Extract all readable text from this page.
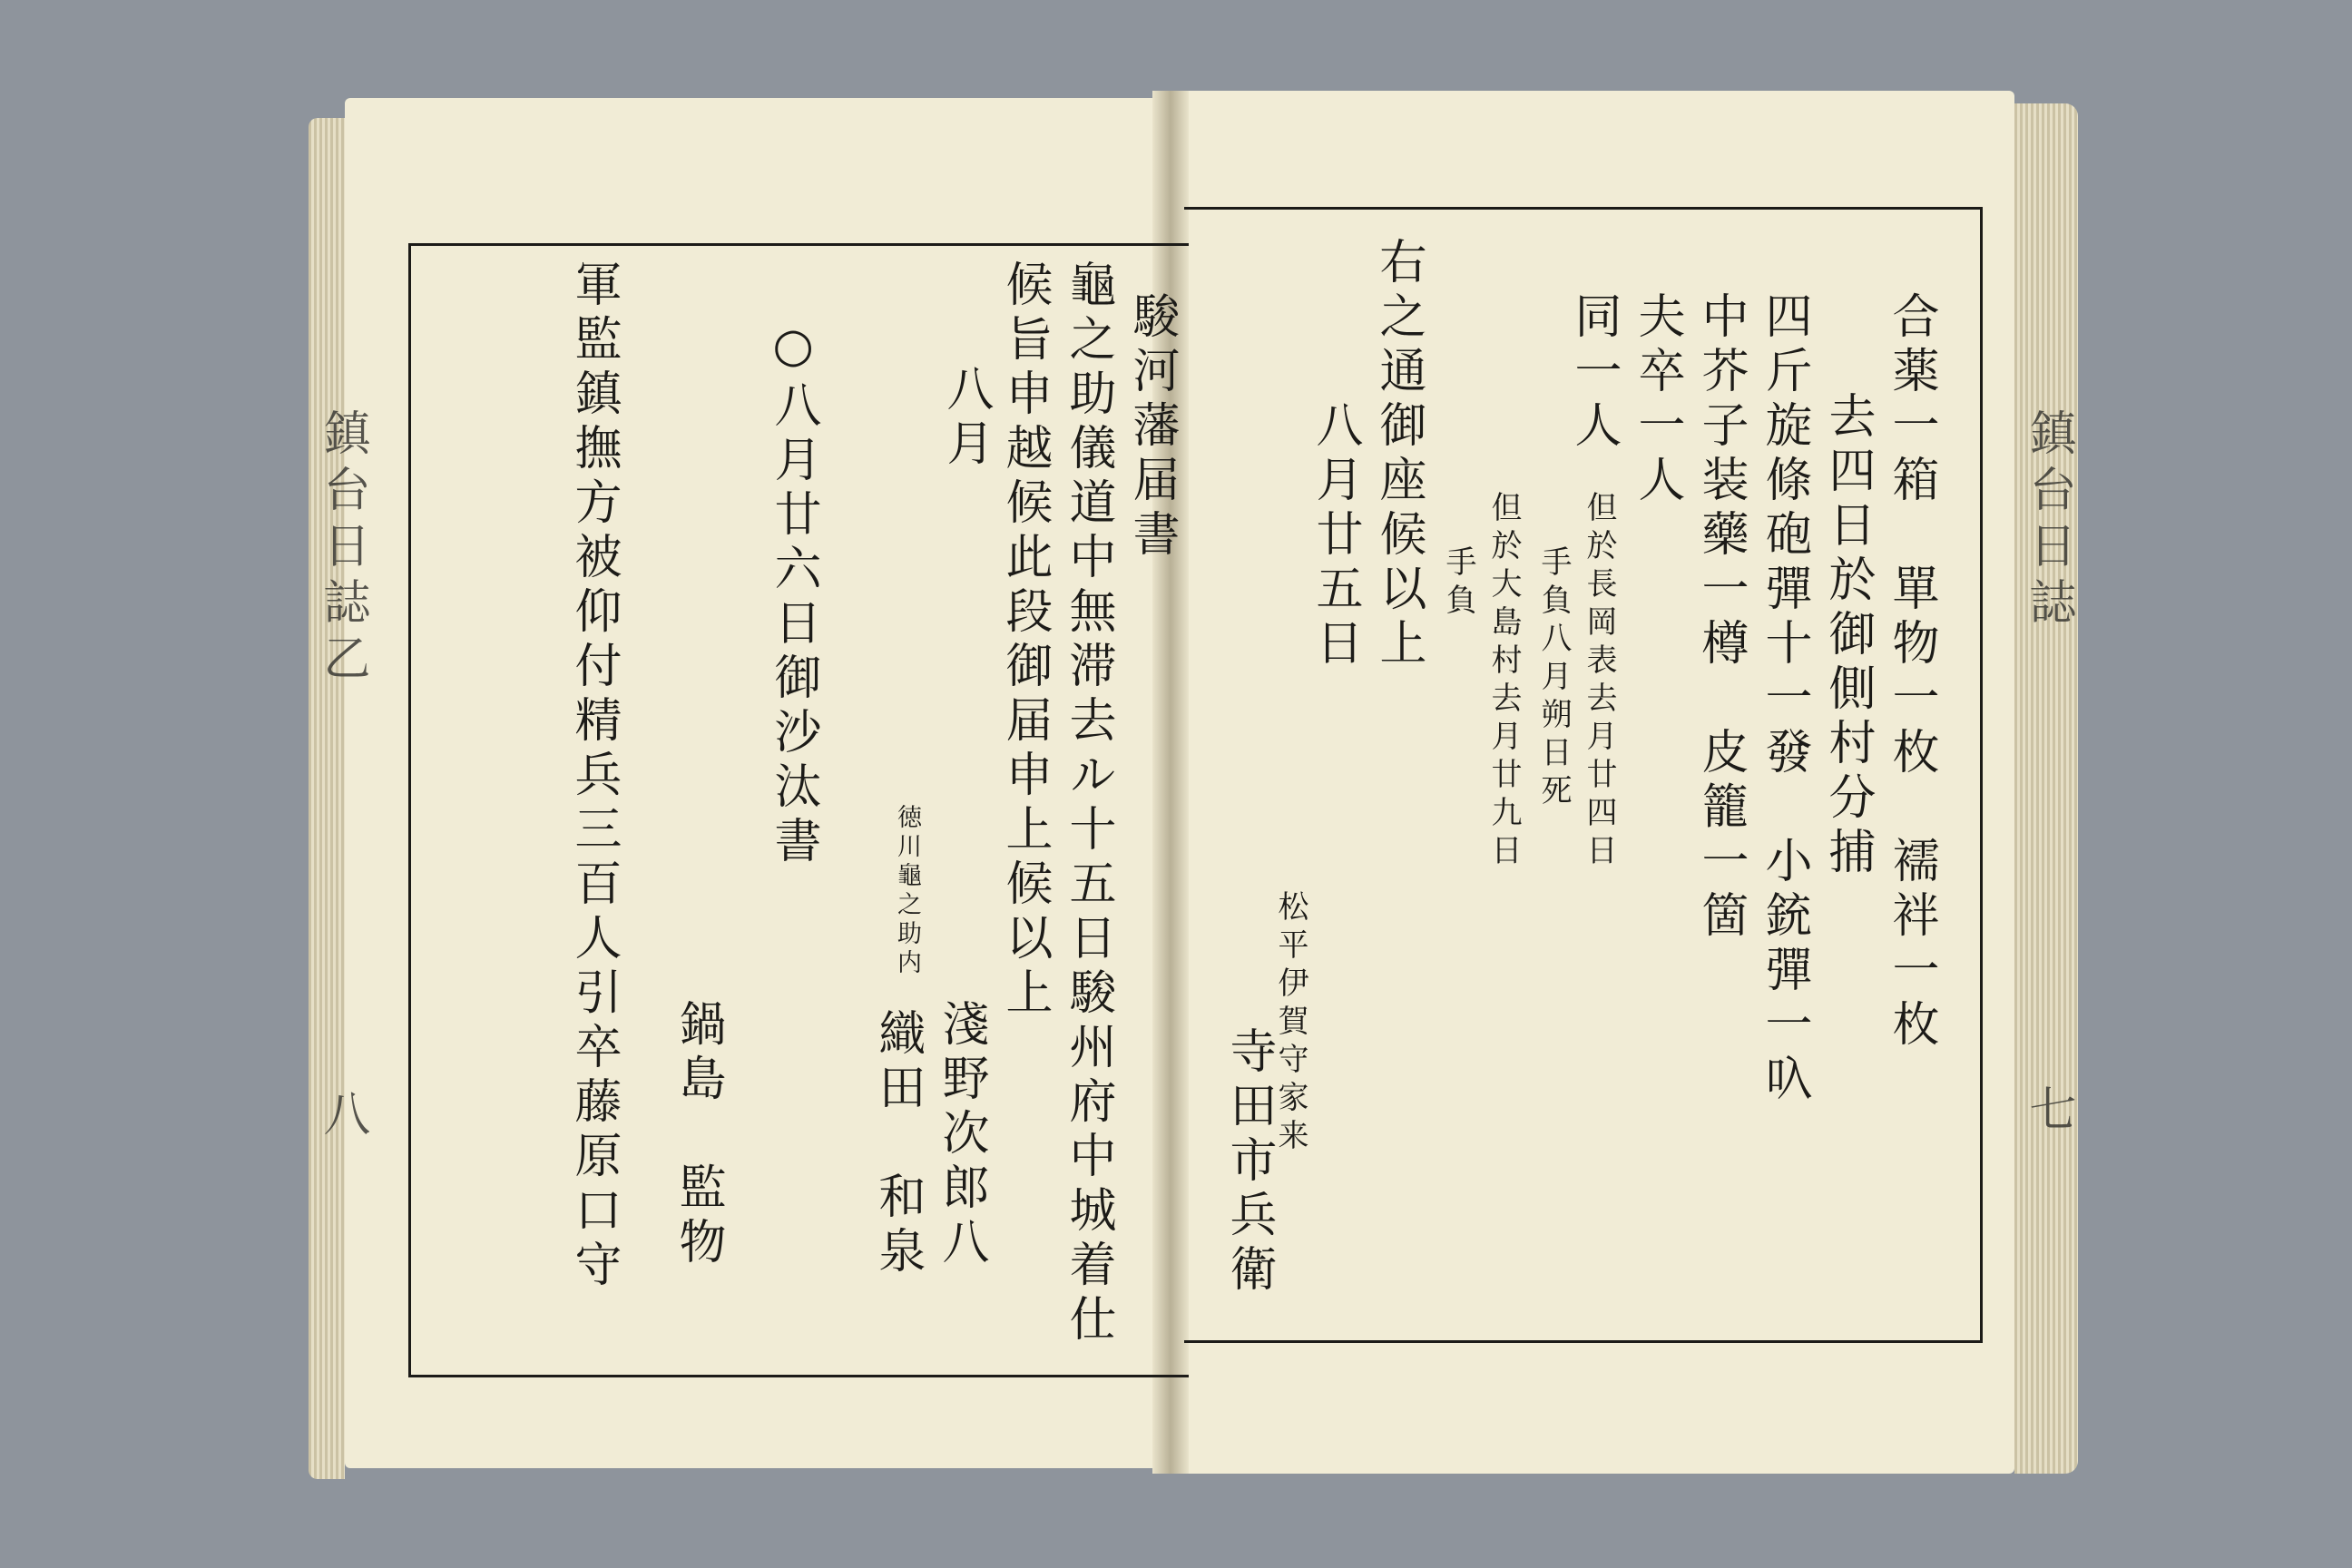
鎮台日誌乙
八
鎮台日誌
七
駿河藩届書
龜之助儀道中無滞去ル十五日駿州府中城着仕
候旨申越候此段御届申上候以上
八月
徳川龜之助内
淺野次郎八
織田　和泉
○八月廿六日御沙汰書
鍋島　監物
軍監鎮撫方被仰付精兵三百人引卒藤原口守	合薬一箱　單物一枚　襦袢一枚
去四日於御側村分捕
四斤旋條砲彈十一發　小銃彈一叺
中芥子装藥一樽　皮籠一箇
夫卒一人
但於長岡表去月廿四日
手負八月朔日死
同一人
但於大島村去月廿九日
手負
右之通御座候以上
八月廿五日
松平伊賀守家来
寺田市兵衛
